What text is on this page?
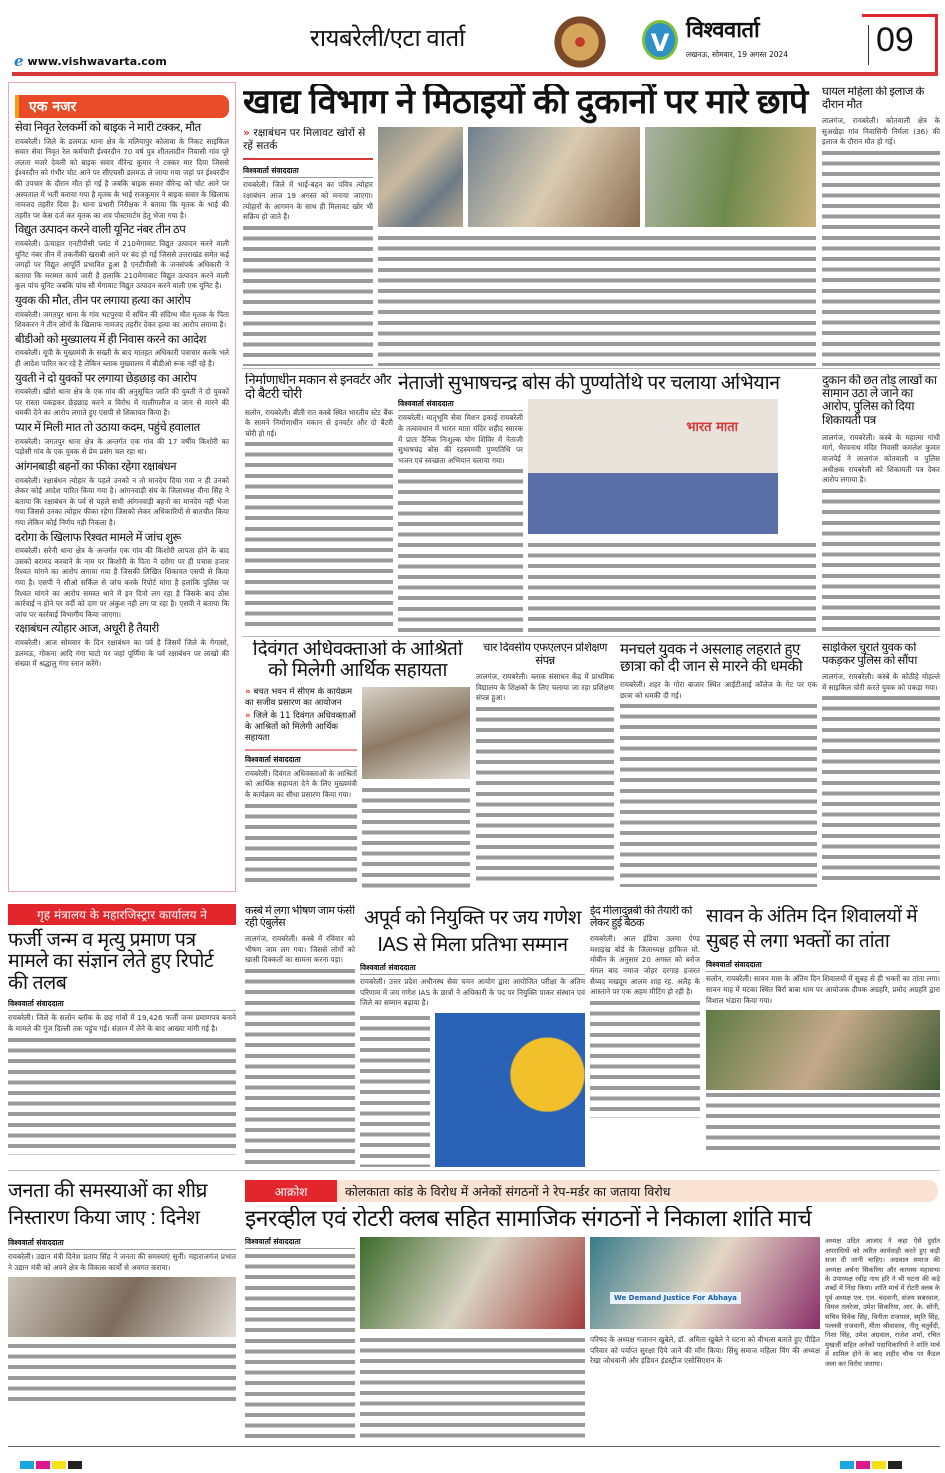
e www.vishwavarta.com
रायबरेली/एटा वार्ता	V विश्ववार्ता
लखनऊ, सोमवार, 19 अगस्त 2024	09
एक नजर
सेवा निवृत रेलकर्मी को बाइक ने मारी टक्कर, मौत
रायबरेली। जिले के डलमऊ थाना क्षेत्र के मलियापुर कोलावा के निकट साइकिल सवार सेवा निवृत रेल कर्मचारी ईश्वरदीन 70 वर्ष पुत्र शीतलादीन निवासी गांव पूरे ललता मजरे देवली को बाइक सवार वीरेन्द्र कुमार ने टक्कर मार दिया जिससे ईश्वरदीन को गंभीर चोट आने पर सीएचसी डलमऊ ले जाया गया जहां पर ईश्वरदीन की उपचार के दौरान मौत हो गई है जबकि बाइक सवार वीरेन्द्र को चोट आने पर अस्पताल में भर्ती कराया गया है मृतक के भाई राजकुमार ने बाइक सवार के खिलाफ नामजद तहरीर दिया है। थाना प्रभारी निरीक्षक ने बताया कि मृतक के भाई की तहरीर पर केस दर्ज कर मृतक का शव पोस्टमार्टम हेतु भेजा गया है।
विद्युत उत्पादन करने वाली यूनिट नंबर तीन ठप
रायबरेली। ऊंचाहार एनटीपीसी प्लांट में 210मेगावाट विद्युत उत्पादन करने वाली यूनिट नंबर तीन में तकनीकी खराबी आने पर बंद हो गई जिससे उत्तराखंड समेत कई जगहों पर विद्युत आपूर्ति प्रभावित हुआ है एनटीपीसी के जनसंपर्क अधिकारी ने बताया कि मरम्मत कार्य जारी है हलाकि 210मेगावाट विद्युत उत्पादन करने वाली कुल पांच यूनिट जबकि पांच सौ मेगावाट विद्युत उत्पादन करने वाली एक यूनिट है।
युवक की मौत, तीन पर लगाया हत्या का आरोप
रायबरेली। जगतपुर थाना के गांव भटपुरवा में सचिन की संदिग्ध मौत मृतक के पिता शिवकरन ने तीन लोगों के खिलाफ नामजद तहरीर देकर हत्या का आरोप लगाया है।
बीडीओ को मुख्यालय में ही निवास करने का आदेश
रायबरेली। यूपी के मुख्यमंत्री के सख्ती के बाद मातहत अधिकारी पत्राचार करके भले ही आदेश पारित कर रहे है लेकिन ब्लाक मुख्यालय में बीडीओ रूक नहीं रहे है।
युवती ने दो युवकों पर लगाया छेड़छाड़ का आरोप
रायबरेली। खीरो थाना क्षेत्र के एक गांव की अनुसूचित जाति की युवती ने दो युवकों पर रास्ता पकड़कर छेड़छाड़ करने व विरोध में गालीगलौज व जान से मारने की धमकी देने का आरोप लगाते हुए एसपी से शिकायत किया है।
प्यार में मिली मात तो उठाया कदम, पहुंचे हवालात
रायबरेली। जगतपुर थाना क्षेत्र के अन्तर्गत एक गांव की 17 वर्षीय किशोरी का पड़ोसी गांव के एक युवक से प्रेम प्रसंग चल रहा था।
आंगनबाड़ी बहनों का फीका रहेगा रक्षाबंधन
रायबरेली। रक्षाबंधन त्योहार के पहले उनको न तो मानदेय दिया गया न ही उनको लेकर कोई आदेश पारित किया गया है। आंगनवाड़ी संघ के जिलाध्यक्ष वीना सिंह ने बताया कि रक्षाबंधन के पर्व से पहले सभी आंगनवाड़ी बहनो का मानदेय नही भेजा गया जिससे उनका त्योहार फीका रहेगा जिसको लेकर अधिकारियों से बातचीत किया गया लेकिन कोई निर्णय नही निकला है।
दरोगा के खिलाफ रिश्वत मामले में जांच शुरू
रायबरेली। सरेनी थाना क्षेत्र के अन्तर्गत एक गांव की किशोरी लापता होने के बाद उसको बरामद करवाने के नाम पर किशोरी के पिता ने दरोगा पर ही पचास हजार रिश्वत मांगने का आरोप लगाया गया है जिसकी लिखित शिकायत एसपी से किया गया है। एसपी ने सीओ सर्किल से जांच करके रिपोर्ट मांगा है हलांकि पुलिस पर रिश्वत मांगने का आरोप समस्त थाने में इन दिनो लग रहा है जिसके बाद ठोस कार्रवाई न होने पर वर्दी को दाग पर अंकुश नही लग पा रहा है। एसपी ने बताया कि जांच पर कार्रवाई विभागीय किया जाएगा।
रक्षाबंधन त्योहार आज, अधूरी है तैयारी
रायबरेली। आज सोमवार के दिन रक्षाबंधन का पर्व है जिसमें जिले के गेगासो, डलमऊ, गोकना आदि गंगा घाटो पर जहां पूर्णिमा के पर्व रक्षाबंधन पर लाखो की संख्या में श्रद्धालु गंगा स्नान करेंगे।
खाद्य विभाग ने मिठाइयों की दुकानों पर मारे छापे
» रक्षाबंधन पर मिलावट खोरों से रहें सतर्क
विश्ववार्ता संवाददाता
रायबरेली। जिले में भाई-बहन का पवित्र त्योहार रक्षाबंधन आज 19 अगस्त को मनाया जाएगा। त्योहारों के आगमन के साथ ही मिलावट खोर भी सक्रिय हो जाते हैं।
घायल महिला की इलाज के दौरान मौत
लालगंज, रायबरेली। कोतवाली क्षेत्र के सुअखेड़ा गांव निवासिनी निर्मला (36) की इलाज के दौरान मौत हो गई।
निर्माणाधीन मकान से इनवर्टर और दो बैटरी चोरी
सलोन, रायबरेली। बीती रात कस्बे स्थित भारतीय स्टेट बैंक के सामने निर्माणाधीन मकान से इनवर्टर और दो बैटरी चोरी हो गई।
नेताजी सुभाषचन्द्र बोस की पुण्यतिथि पर चलाया अभियान
विश्ववार्ता संवाददाता
रायबरेली। मातृभूमि सेवा मिशन इकाई रायबरेली के तत्वावधान में भारत माता मंदिर शहीद स्मारक में प्रातः दैनिक निःशुल्क योग शिविर में नेताजी सुभाषचंद्र बोस की रहस्यमयी पुण्यतिथि पर भजन एवं स्वच्छता अभियान चलाया गया।
भारत माता
दुकान की छत तोड़ लाखों का सामान उठा ले जाने का आरोप, पुलिस को दिया शिकायती पत्र
लालगंज, रायबरेली। कस्बे के महात्मा गांधी मार्ग, भैरवनाथ मंदिर निवासी कमलेश कुमार वाजपेई ने लालगंज कोतवाली व पुलिस अधीक्षक रायबरेली को शिकायती पत्र देकर आरोप लगाया है।
दिवंगत अधिवक्ताओं के आश्रितों को मिलेगी आर्थिक सहायता
» बचत भवन में सीएम के कार्यक्रम का सजीव प्रसारण का आयोजन
» जिले के 11 दिवंगत अधिवक्ताओं के आश्रितों को मिलेगी आर्थिक सहायता
विश्ववार्ता संवाददाता
रायबरेली। दिवंगत अधिवक्ताओं के आश्रितों को आर्थिक सहायता देने के लिए मुख्यमंत्री के कार्यक्रम का सीधा प्रसारण किया गया।
चार दिवसीय एफएलएन प्रशिक्षण संपन्न
लालगंज, रायबरेली। ब्लाक संसाधन केंद्र में प्राथमिक विद्यालय के शिक्षकों के लिए चलाया जा रहा प्रशिक्षण संपन्न हुआ।
मनचले युवक ने असलाह लहराते हुए छात्रा को दी जान से मारने की धमकी
रायबरेली। शहर के गोरा बाजार स्थित आईटीआई कॉलेज के गेट पर एक छात्रा को धमकी दी गई।
साइकिल चुराते युवक को पकड़कर पुलिस को सौंपा
लालगंज, रायबरेली। कस्बे के कोठीहे मोहल्ले में साइकिल चोरी करते युवक को पकड़ा गया।
गृह मंत्रालय के महारजिस्ट्रार कार्यालय ने
फर्जी जन्म व मृत्यु प्रमाण पत्र मामले का संज्ञान लेते हुए रिपोर्ट की तलब
विश्ववार्ता संवाददाता
रायबरेली। जिले के सलोन ब्लॉक के छह गांवों में 19,426 फर्जी जन्म प्रमाणपत्र बनाने के मामले की गूंज दिल्ली तक पहुंच गई। संज्ञान में लेने के बाद आख्या मांगी गई है।
कस्बे में लगा भीषण जाम फंसी रही एंबुलेंस
लालगंज, रायबरेली। कस्बे में रविवार को भीषण जाम लग गया। जिससे लोगों को खासी दिक्कतों का सामना करना पड़ा।
अपूर्व को नियुक्ति पर जय गणेश IAS से मिला प्रतिभा सम्मान
विश्ववार्ता संवाददाता
रायबरेली। उत्तर प्रदेश अधीनस्थ सेवा चयन आयोग द्वारा आयोजित परीक्षा के अंतिम परिणाम में जय गणेश IAS के छात्रों ने अधिकारी के पद पर नियुक्ति पाकर संस्थान एवं जिले का सम्मान बढ़ाया है।
ईद मीलादुन्नबी की तैयारी को लेकर हुई बैठक
रायबरेली। आल इंडिया उलमा ऐण्ड मशाइख बोर्ड के जिलाध्यक्ष हाफिज मो. मोबीन के अनुसार 20 अगस्त को बरोज मंगल बाद नमाज जोहर दरगाह हजरत सैय्यद मखदूम आलम शाह रह. अलैह के आस्ताने पर एक अहम मीटिंग हो रही है।
सावन के अंतिम दिन शिवालयों में सुबह से लगा भक्तों का तांता
विश्ववार्ता संवाददाता
सलोन, रायबरेली। सावन मास के अंतिम दिन शिवालयों में सुबह से ही भक्तों का तांता लगा। सावन माह में मटका स्थित बिर्रा बाबा धाम पर आयोजक दीपक अग्रहरि, प्रमोद अग्रहरि द्वारा विशाल भंडारा किया गया।
जनता की समस्याओं का शीघ्र निस्तारण किया जाए : दिनेश
विश्ववार्ता संवाददाता
रायबरेली। उद्यान मंत्री दिनेश प्रताप सिंह ने जनता की समस्याएं सुनीं। महाराजगंज प्रभात ने उद्यान मंत्री को अपने क्षेत्र के विकास कार्यों से अवगत कराया।
आक्रोश	कोलकाता कांड के विरोध में अनेकों संगठनों ने रेप-मर्डर का जताया विरोध
इनरव्हील एवं रोटरी क्लब सहित सामाजिक संगठनों ने निकाला शांति मार्च
विश्ववार्ता संवाददाता
We Demand Justice For Abhaya
परिषद के अध्यक्ष गजानन खुबेले, डॉ. अमिता खुबेले ने घटना को वीभत्स बताते हुए पीड़ित परिवार को पर्याप्त सुरक्षा दिये जाने की माँग किया। सिंधु समाज महिला विंग की अध्यक्ष रेखा जोधवानी और इंडियन इंडस्ट्रीज एसोसिएशन के
अध्यक्ष उदित आजाद ने कहा ऐसे दुर्दांत अपराधियों को त्वरित कार्यवाही करते हुए कड़ी सजा दी जानी चाहिए। अग्रवाल समाज की अध्यक्ष अर्चना सिकरिया और कायस्थ महासभा के उपाध्यक्ष रवींद्र नाथ हरि ने भी घटना की कड़े शब्दों में निंदा किया। शांति मार्च में रोटरी क्लब के पूर्व अध्यक्ष एल. एल. चंदवानी, संजय सबरवाल, विमल तलरेजा, उमेश सिकरिया, आर. के. सोनी, सचिव विवेक सिंह, विनीता राजपाल, स्मृति सिंह, पल्लवी राजवानी, मीता श्रीवास्तव, नीतू चतुर्वेदी, निशा सिंह, उमेश अग्रवाल, राजेश शर्मा, रचित मुखर्जी सहित अनेकों पदाधिकारियों ने शांति मार्च में शामिल होने के बाद शहीद चौक पर कैंडल जला कर विरोध जताया।
